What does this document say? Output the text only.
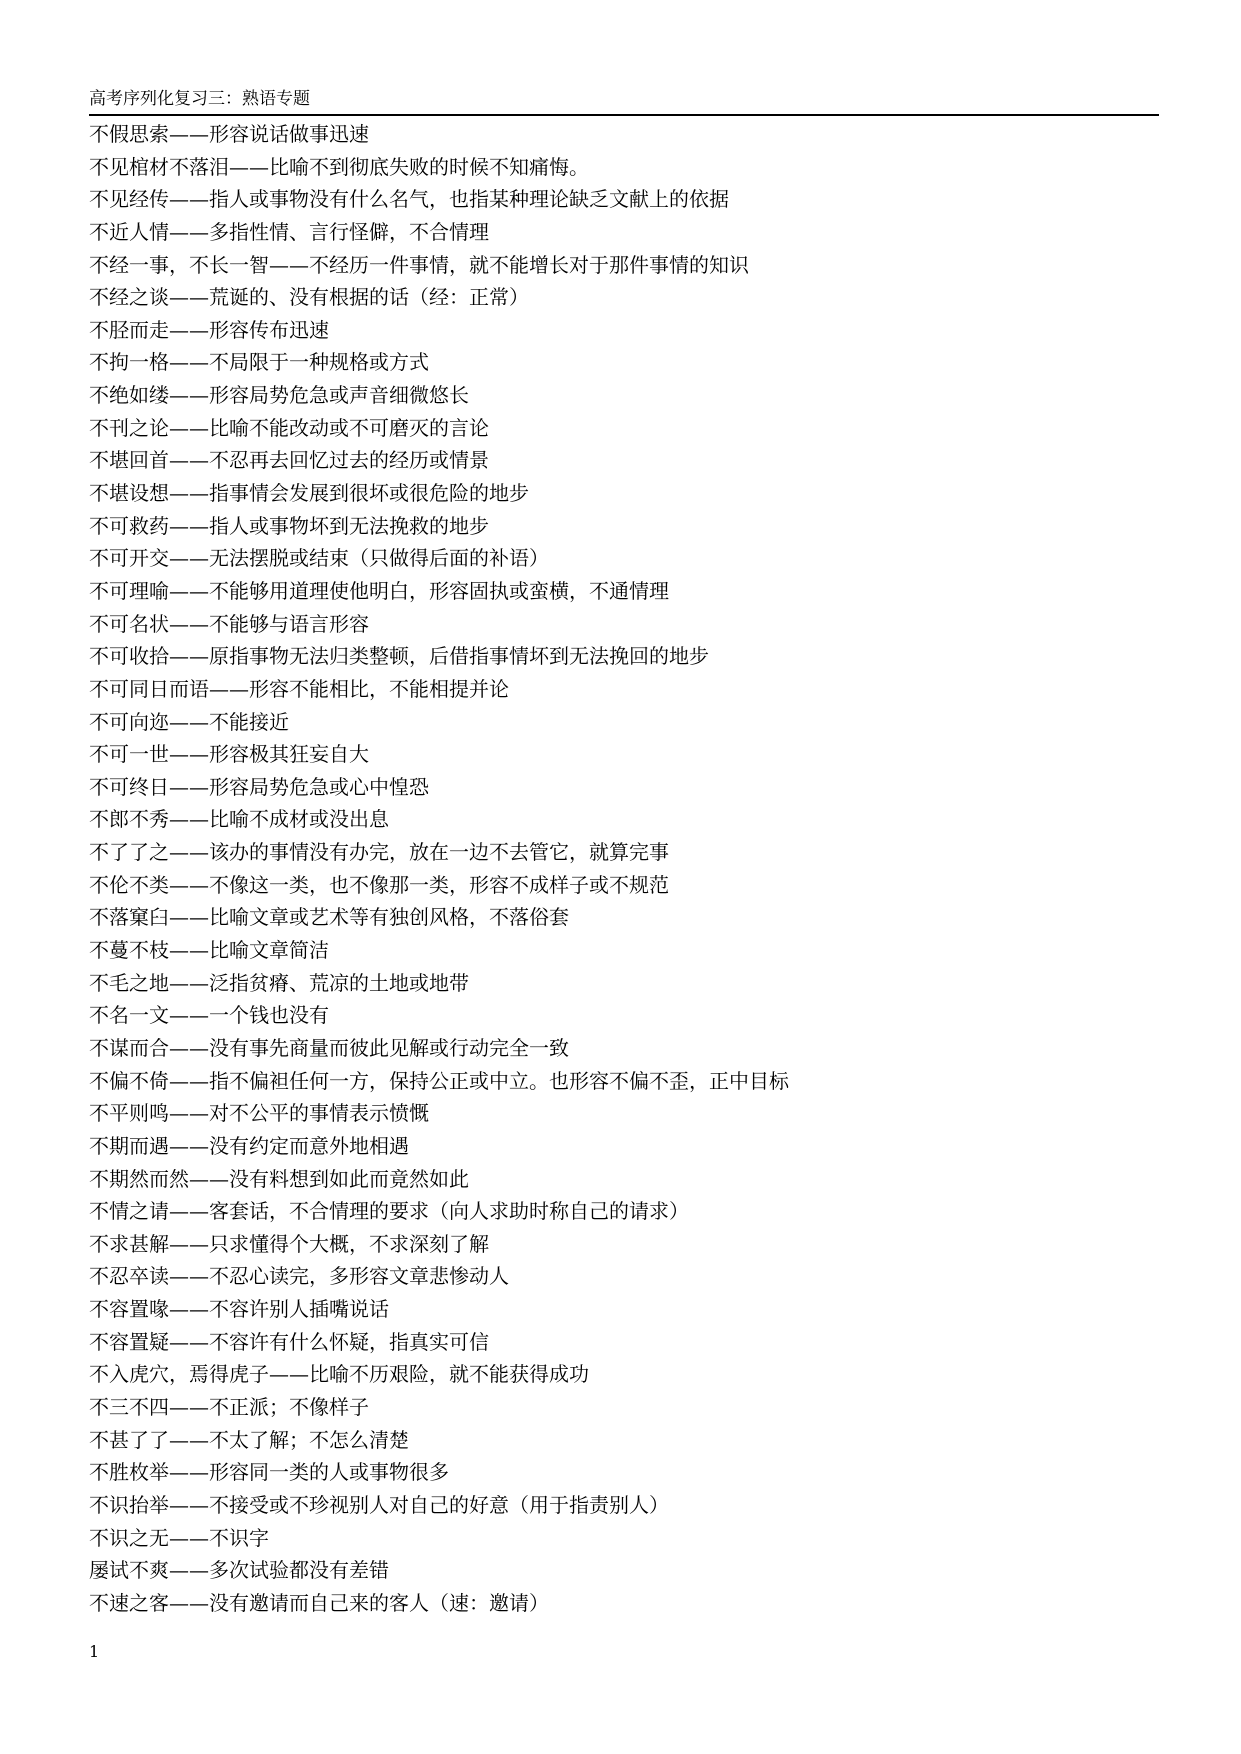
高考序列化复习三：熟语专题
不假思索——形容说话做事迅速
不见棺材不落泪——比喻不到彻底失败的时候不知痛悔。
不见经传——指人或事物没有什么名气，也指某种理论缺乏文献上的依据
不近人情——多指性情、言行怪僻，不合情理
不经一事，不长一智——不经历一件事情，就不能增长对于那件事情的知识
不经之谈——荒诞的、没有根据的话（经：正常）
不胫而走——形容传布迅速
不拘一格——不局限于一种规格或方式
不绝如缕——形容局势危急或声音细微悠长
不刊之论——比喻不能改动或不可磨灭的言论
不堪回首——不忍再去回忆过去的经历或情景
不堪设想——指事情会发展到很坏或很危险的地步
不可救药——指人或事物坏到无法挽救的地步
不可开交——无法摆脱或结束（只做得后面的补语）
不可理喻——不能够用道理使他明白，形容固执或蛮横，不通情理
不可名状——不能够与语言形容
不可收拾——原指事物无法归类整顿，后借指事情坏到无法挽回的地步
不可同日而语——形容不能相比，不能相提并论
不可向迩——不能接近
不可一世——形容极其狂妄自大
不可终日——形容局势危急或心中惶恐
不郎不秀——比喻不成材或没出息
不了了之——该办的事情没有办完，放在一边不去管它，就算完事
不伦不类——不像这一类，也不像那一类，形容不成样子或不规范
不落窠臼——比喻文章或艺术等有独创风格，不落俗套
不蔓不枝——比喻文章简洁
不毛之地——泛指贫瘠、荒凉的土地或地带
不名一文——一个钱也没有
不谋而合——没有事先商量而彼此见解或行动完全一致
不偏不倚——指不偏袒任何一方，保持公正或中立。也形容不偏不歪，正中目标
不平则鸣——对不公平的事情表示愤慨
不期而遇——没有约定而意外地相遇
不期然而然——没有料想到如此而竟然如此
不情之请——客套话，不合情理的要求（向人求助时称自己的请求）
不求甚解——只求懂得个大概，不求深刻了解
不忍卒读——不忍心读完，多形容文章悲惨动人
不容置喙——不容许别人插嘴说话
不容置疑——不容许有什么怀疑，指真实可信
不入虎穴，焉得虎子——比喻不历艰险，就不能获得成功
不三不四——不正派；不像样子
不甚了了——不太了解；不怎么清楚
不胜枚举——形容同一类的人或事物很多
不识抬举——不接受或不珍视别人对自己的好意（用于指责别人）
不识之无——不识字
屡试不爽——多次试验都没有差错
不速之客——没有邀请而自己来的客人（速：邀请）
1
